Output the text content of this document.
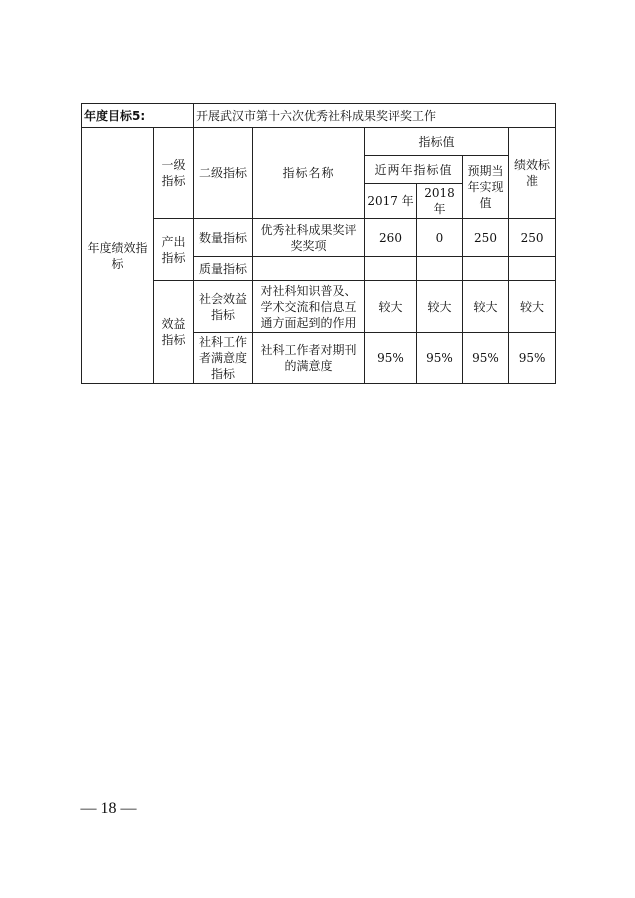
年度目标5:		开展武汉市第十六次优秀社科成果奖评奖工作					
年度绩效指标	一级指标	二级指标	指标名称	指标值			绩效标准
				近两年指标值		预期当年实现值	
				2017 年	2018 年		
	产出指标	数量指标	优秀社科成果奖评奖奖项	260	0	250	250
		质量指标					
	效益指标	社会效益指标	对社科知识普及、学术交流和信息互通方面起到的作用	较大	较大	较大	较大
		社科工作者满意度指标	社科工作者对期刊的满意度	95%	95%	95%	95%
— 18 —
